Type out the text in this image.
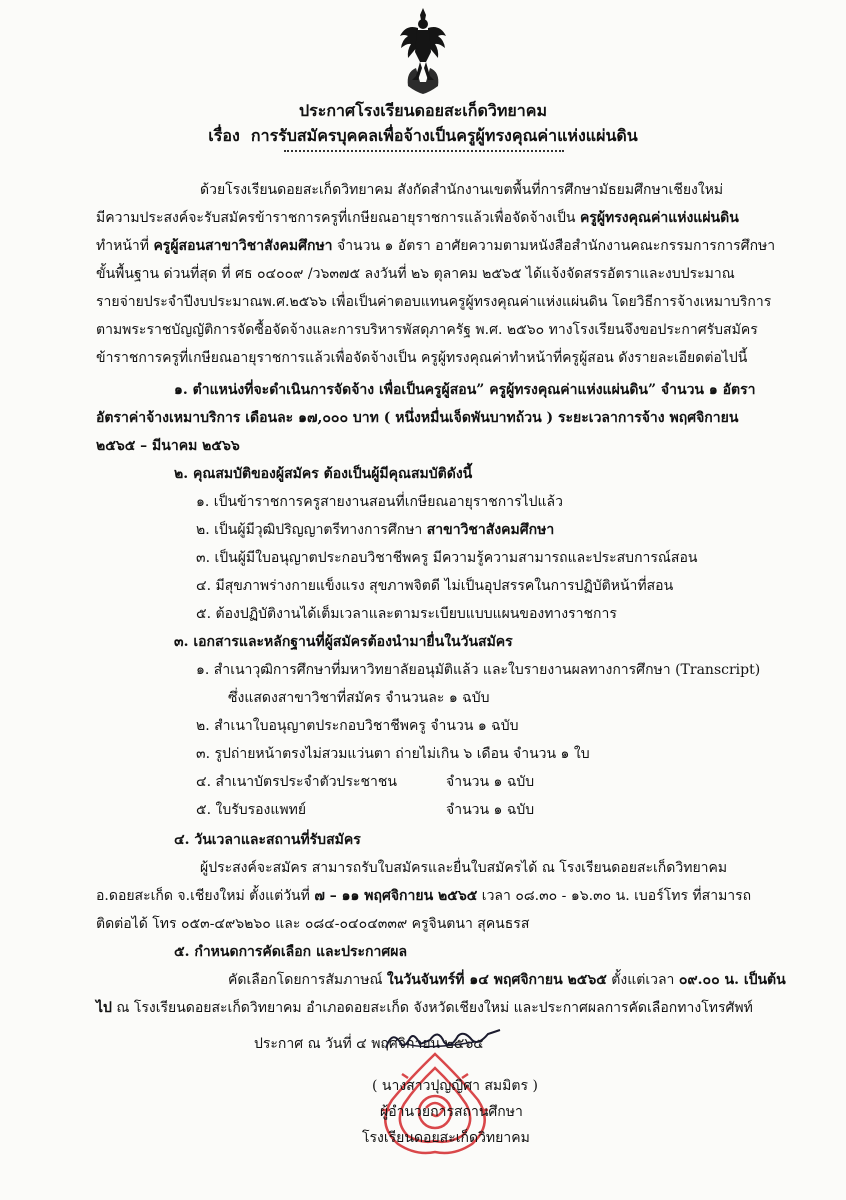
ประกาศโรงเรียนดอยสะเก็ดวิทยาคม
เรื่อง การรับสมัครบุคคลเพื่อจ้างเป็นครูผู้ทรงคุณค่าแห่งแผ่นดิน
ด้วยโรงเรียนดอยสะเก็ดวิทยาคม สังกัดสำนักงานเขตพื้นที่การศึกษามัธยมศึกษาเชียงใหม่
มีความประสงค์จะรับสมัครข้าราชการครูที่เกษียณอายุราชการแล้วเพื่อจัดจ้างเป็น ครูผู้ทรงคุณค่าแห่งแผ่นดิน
ทำหน้าที่ ครูผู้สอนสาขาวิชาสังคมศึกษา จำนวน ๑ อัตรา อาศัยความตามหนังสือสำนักงานคณะกรรมการการศึกษา
ขั้นพื้นฐาน ด่วนที่สุด ที่ ศธ ๐๔๐๐๙ /ว๖๓๗๕ ลงวันที่ ๒๖ ตุลาคม ๒๕๖๕ ได้แจ้งจัดสรรอัตราและงบประมาณ
รายจ่ายประจำปีงบประมาณพ.ศ.๒๕๖๖ เพื่อเป็นค่าตอบแทนครูผู้ทรงคุณค่าแห่งแผ่นดิน โดยวิธีการจ้างเหมาบริการ
ตามพระราชบัญญัติการจัดซื้อจัดจ้างและการบริหารพัสดุภาครัฐ พ.ศ. ๒๕๖๐ ทางโรงเรียนจึงขอประกาศรับสมัคร
ข้าราชการครูที่เกษียณอายุราชการแล้วเพื่อจัดจ้างเป็น ครูผู้ทรงคุณค่าทำหน้าที่ครูผู้สอน ดังรายละเอียดต่อไปนี้
๑. ตำแหน่งที่จะดำเนินการจัดจ้าง เพื่อเป็นครูผู้สอน” ครูผู้ทรงคุณค่าแห่งแผ่นดิน” จำนวน ๑ อัตรา
อัตราค่าจ้างเหมาบริการ เดือนละ ๑๗,๐๐๐ บาท ( หนึ่งหมื่นเจ็ดพันบาทถ้วน ) ระยะเวลาการจ้าง พฤศจิกายน
๒๕๖๕ – มีนาคม ๒๕๖๖
๒. คุณสมบัติของผู้สมัคร ต้องเป็นผู้มีคุณสมบัติดังนี้
๑. เป็นข้าราชการครูสายงานสอนที่เกษียณอายุราชการไปแล้ว
๒. เป็นผู้มีวุฒิปริญญาตรีทางการศึกษา สาขาวิชาสังคมศึกษา
๓. เป็นผู้มีใบอนุญาตประกอบวิชาชีพครู มีความรู้ความสามารถและประสบการณ์สอน
๔. มีสุขภาพร่างกายแข็งแรง สุขภาพจิตดี ไม่เป็นอุปสรรคในการปฏิบัติหน้าที่สอน
๕. ต้องปฏิบัติงานได้เต็มเวลาและตามระเบียบแบบแผนของทางราชการ
๓. เอกสารและหลักฐานที่ผู้สมัครต้องนำมายื่นในวันสมัคร
๑. สำเนาวุฒิการศึกษาที่มหาวิทยาลัยอนุมัติแล้ว และใบรายงานผลทางการศึกษา (Transcript)
ซึ่งแสดงสาขาวิชาที่สมัคร จำนวนละ ๑ ฉบับ
๒. สำเนาใบอนุญาตประกอบวิชาชีพครู จำนวน ๑ ฉบับ
๓. รูปถ่ายหน้าตรงไม่สวมแว่นตา ถ่ายไม่เกิน ๖ เดือน จำนวน ๑ ใบ
๔. สำเนาบัตรประจำตัวประชาชน	จำนวน ๑ ฉบับ
๕. ใบรับรองแพทย์	จำนวน ๑ ฉบับ
๔. วันเวลาและสถานที่รับสมัคร
ผู้ประสงค์จะสมัคร สามารถรับใบสมัครและยื่นใบสมัครได้ ณ โรงเรียนดอยสะเก็ดวิทยาคม
อ.ดอยสะเก็ด จ.เชียงใหม่ ตั้งแต่วันที่ ๗ – ๑๑ พฤศจิกายน ๒๕๖๕ เวลา ๐๘.๓๐ - ๑๖.๓๐ น. เบอร์โทร ที่สามารถ
ติดต่อได้ โทร ๐๕๓-๔๙๖๒๖๐ และ ๐๘๔-๐๔๐๔๓๓๙ ครูจินตนา สุคนธรส
๕. กำหนดการคัดเลือก และประกาศผล
คัดเลือกโดยการสัมภาษณ์ ในวันจันทร์ที่ ๑๔ พฤศจิกายน ๒๕๖๕ ตั้งแต่เวลา ๐๙.๐๐ น. เป็นต้น
ไป ณ โรงเรียนดอยสะเก็ดวิทยาคม อำเภอดอยสะเก็ด จังหวัดเชียงใหม่ และประกาศผลการคัดเลือกทางโทรศัพท์
ประกาศ ณ วันที่ ๔ พฤศจิกายน ๒๕๖๕
( นางสาวปุญญิศา สมมิตร )
ผู้อำนวยการสถานศึกษา
โรงเรียนดอยสะเก็ดวิทยาคม
